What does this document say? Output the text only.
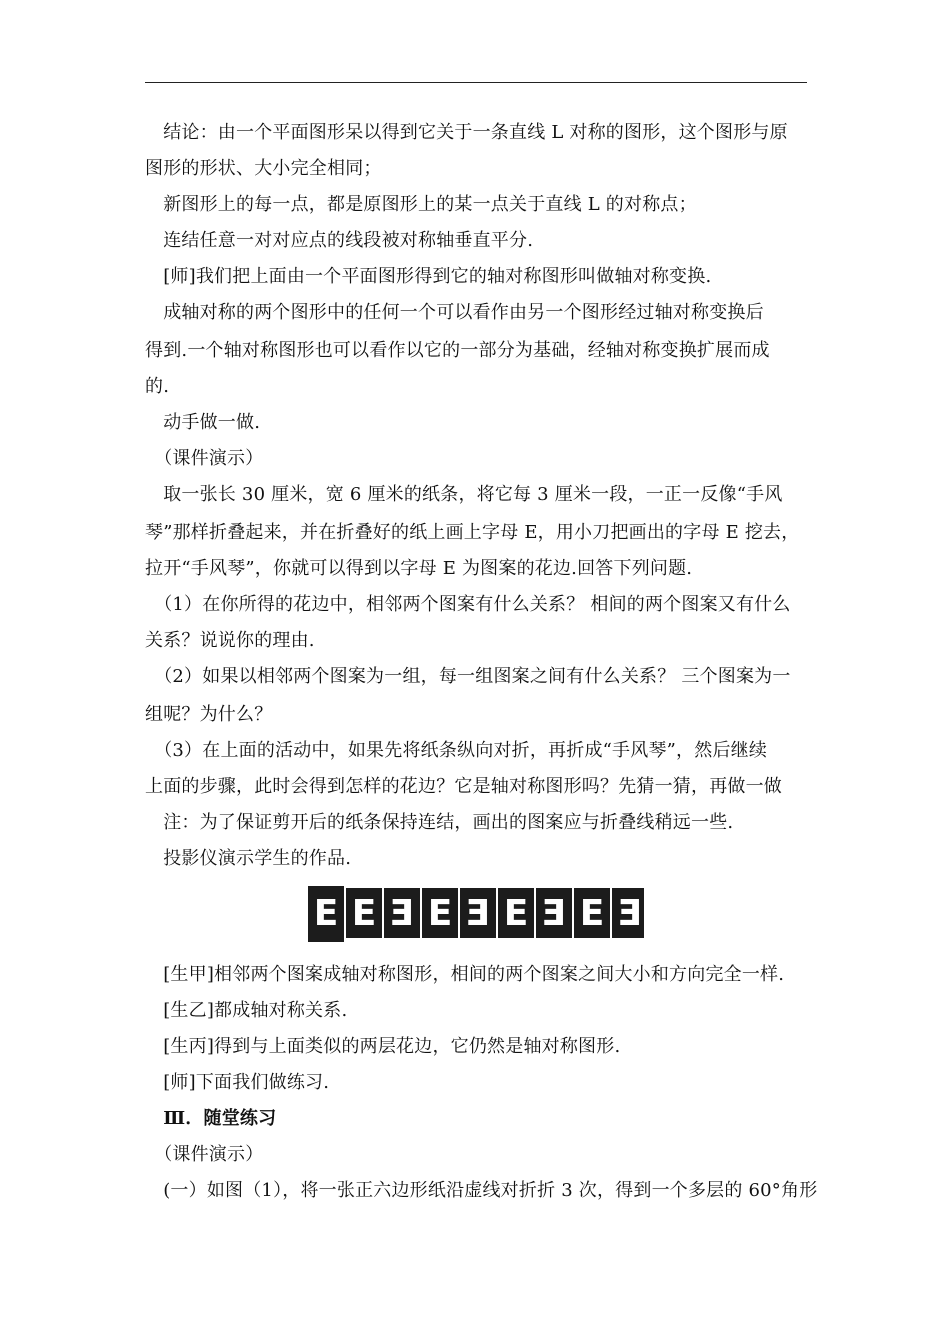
　结论：由一个平面图形呆以得到它关于一条直线 L 对称的图形，这个图形与原
图形的形状、大小完全相同；
　新图形上的每一点，都是原图形上的某一点关于直线 L 的对称点；
　连结任意一对对应点的线段被对称轴垂直平分.
　[师]我们把上面由一个平面图形得到它的轴对称图形叫做轴对称变换.
　成轴对称的两个图形中的任何一个可以看作由另一个图形经过轴对称变换后
得到.一个轴对称图形也可以看作以它的一部分为基础，经轴对称变换扩展而成
的.
　动手做一做.
　（课件演示）
　取一张长 30 厘米，宽 6 厘米的纸条，将它每 3 厘米一段，一正一反像“手风
琴”那样折叠起来，并在折叠好的纸上画上字母 E，用小刀把画出的字母 E 挖去，
拉开“手风琴”，你就可以得到以字母 E 为图案的花边.回答下列问题.
　（1）在你所得的花边中，相邻两个图案有什么关系？ 相间的两个图案又有什么
关系？说说你的理由.
　（2）如果以相邻两个图案为一组，每一组图案之间有什么关系？ 三个图案为一
组呢？为什么？
　（3）在上面的活动中，如果先将纸条纵向对折，再折成“手风琴”，然后继续
上面的步骤，此时会得到怎样的花边？它是轴对称图形吗？先猜一猜，再做一做
　注：为了保证剪开后的纸条保持连结，画出的图案应与折叠线稍远一些.
　投影仪演示学生的作品.
E E E E E E E E E
　[生甲]相邻两个图案成轴对称图形，相间的两个图案之间大小和方向完全一样.
　[生乙]都成轴对称关系.
　[生丙]得到与上面类似的两层花边，它仍然是轴对称图形.
　[师]下面我们做练习.
　Ⅲ．随堂练习
　（课件演示）
　(一）如图（1），将一张正六边形纸沿虚线对折折 3 次，得到一个多层的 60°角形
